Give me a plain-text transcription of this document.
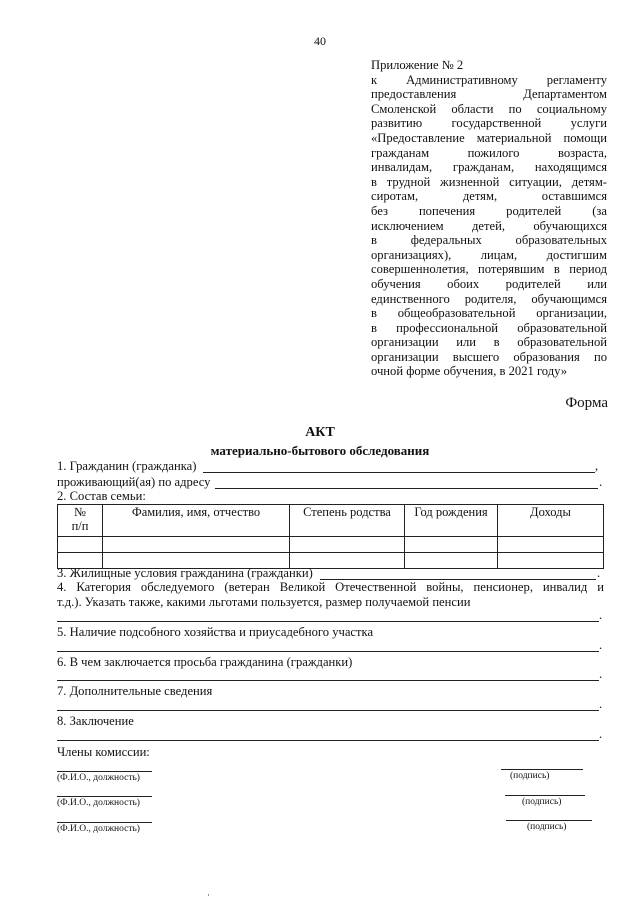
40
Приложение № 2
к Административному регламенту
предоставления Департаментом
Смоленской области по социальному
развитию государственной услуги
«Предоставление материальной помощи
гражданам пожилого возраста,
инвалидам, гражданам, находящимся
в трудной жизненной ситуации, детям-
сиротам, детям, оставшимся
без попечения родителей (за
исключением детей, обучающихся
в федеральных образовательных
организациях), лицам, достигшим
совершеннолетия, потерявшим в период
обучения обоих родителей или
единственного родителя, обучающимся
в общеобразовательной организации,
в профессиональной образовательной
организации или в образовательной
организации высшего образования по
очной форме обучения, в 2021 году»
Форма
АКТ
материально-бытового обследования
1. Гражданин (гражданка)	,
проживающий(ая) по адресу	.
2. Состав семьи:
№
п/п	Фамилия, имя, отчество	Степень родства	Год рождения	Доходы

3. Жилищные условия гражданина (гражданки)	.
4. Категория обследуемого (ветеран Великой Отечественной войны, пенсионер, инвалид и
т.д.). Указать также, какими льготами пользуется, размер получаемой пенсии
.
5. Наличие подсобного хозяйства и приусадебного участка
.
6. В чем заключается просьба гражданина (гражданки)
.
7. Дополнительные сведения
.
8. Заключение
.
Члены комиссии:
(Ф.И.О., должность)	(подпись)
(Ф.И.О., должность)	(подпись)
(Ф.И.О., должность)	(подпись)
·
